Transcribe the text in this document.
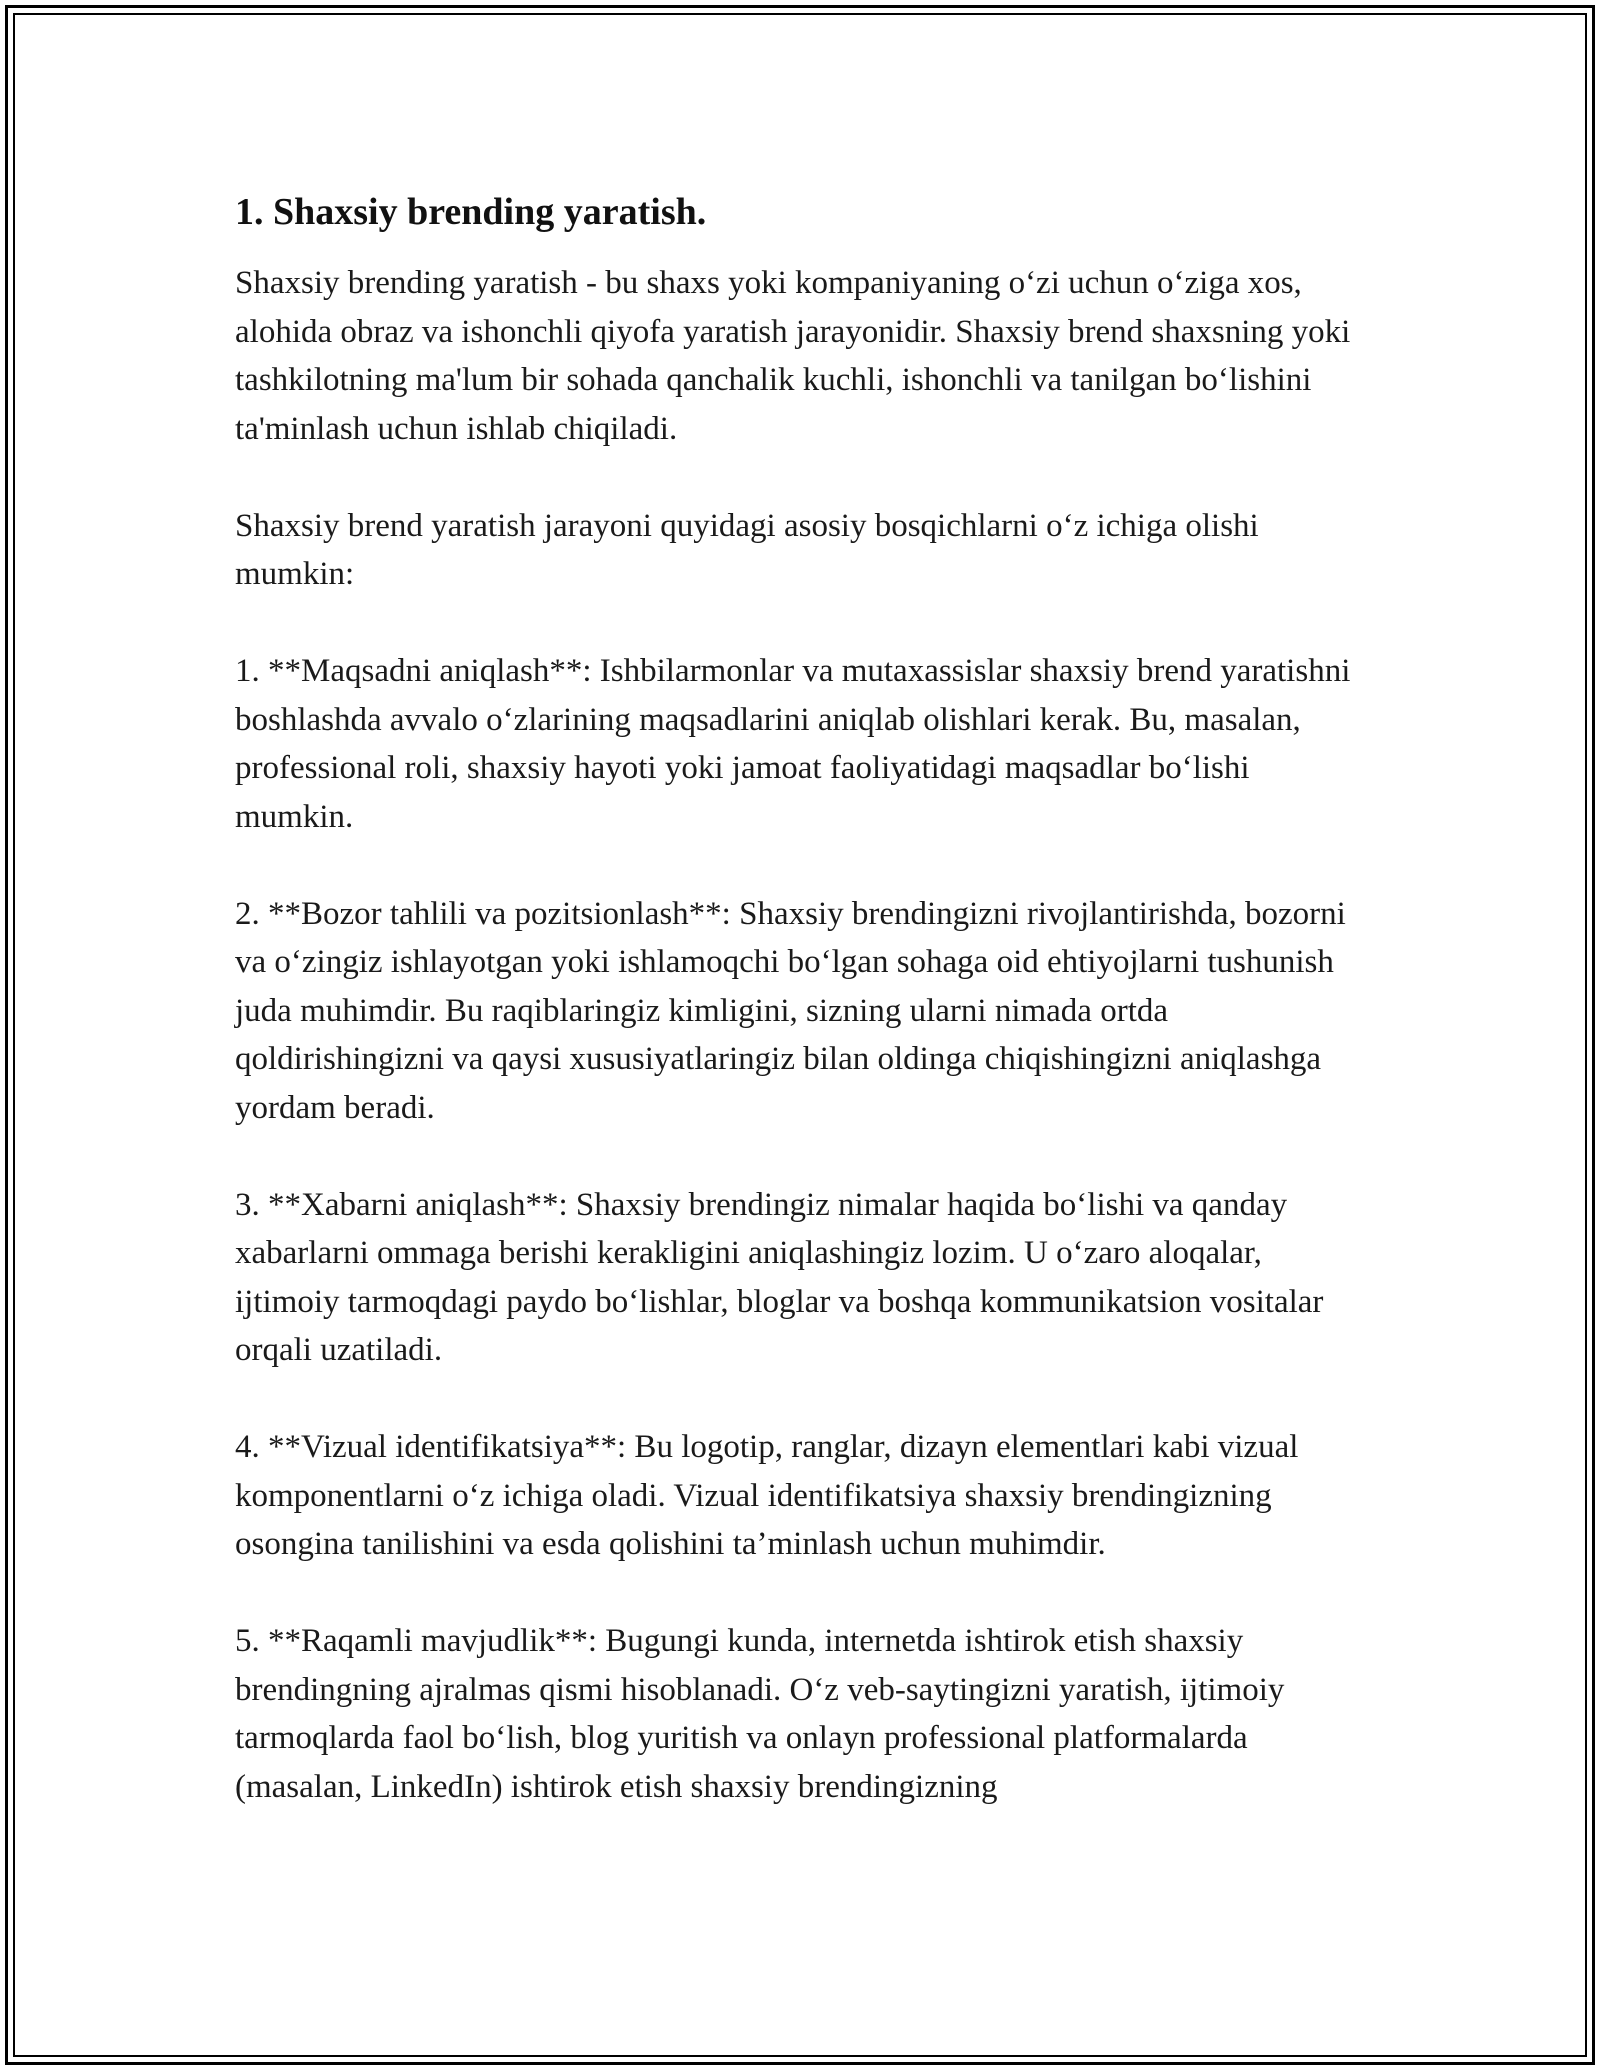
1. Shaxsiy brending yaratish.

Shaxsiy brending yaratish - bu shaxs yoki kompaniyaning o‘zi uchun o‘ziga xos, alohida obraz va ishonchli qiyofa yaratish jarayonidir. Shaxsiy brend shaxsning yoki tashkilotning ma'lum bir sohada qanchalik kuchli, ishonchli va tanilgan bo‘lishini ta'minlash uchun ishlab chiqiladi.

Shaxsiy brend yaratish jarayoni quyidagi asosiy bosqichlarni o‘z ichiga olishi mumkin:

1. **Maqsadni aniqlash**: Ishbilarmonlar va mutaxassislar shaxsiy brend yaratishni boshlashda avvalo o‘zlarining maqsadlarini aniqlab olishlari kerak. Bu, masalan, professional roli, shaxsiy hayoti yoki jamoat faoliyatidagi maqsadlar bo‘lishi mumkin.

2. **Bozor tahlili va pozitsionlash**: Shaxsiy brendingizni rivojlantirishda, bozorni va o‘zingiz ishlayotgan yoki ishlamoqchi bo‘lgan sohaga oid ehtiyojlarni tushunish juda muhimdir. Bu raqiblaringiz kimligini, sizning ularni nimada ortda qoldirishingizni va qaysi xususiyatlaringiz bilan oldinga chiqishingizni aniqlashga yordam beradi.

3. **Xabarni aniqlash**: Shaxsiy brendingiz nimalar haqida bo‘lishi va qanday xabarlarni ommaga berishi kerakligini aniqlashingiz lozim. U o‘zaro aloqalar, ijtimoiy tarmoqdagi paydo bo‘lishlar, bloglar va boshqa kommunikatsion vositalar orqali uzatiladi.

4. **Vizual identifikatsiya**: Bu logotip, ranglar, dizayn elementlari kabi vizual komponentlarni o‘z ichiga oladi. Vizual identifikatsiya shaxsiy brendingizning osongina tanilishini va esda qolishini ta’minlash uchun muhimdir.

5. **Raqamli mavjudlik**: Bugungi kunda, internetda ishtirok etish shaxsiy brendingning ajralmas qismi hisoblanadi. O‘z veb-saytingizni yaratish, ijtimoiy tarmoqlarda faol bo‘lish, blog yuritish va onlayn professional platformalarda (masalan, LinkedIn) ishtirok etish shaxsiy brendingizning
